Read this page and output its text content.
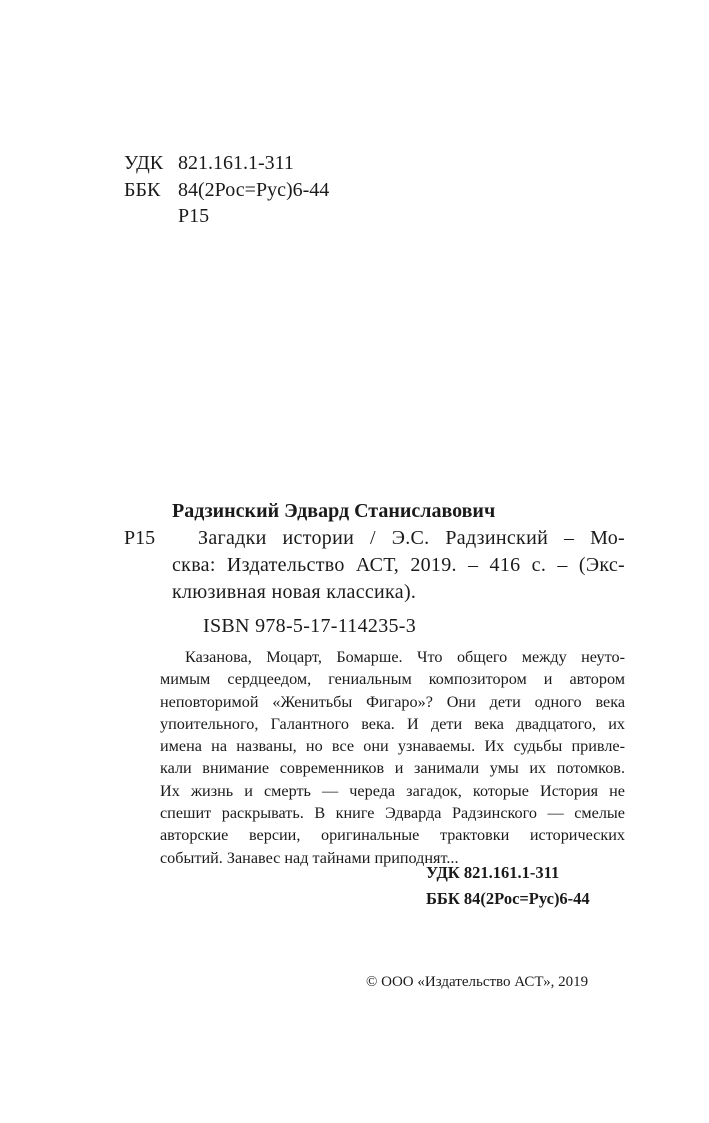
УДК 821.161.1-311
ББК 84(2Рос=Рус)6-44
Р15
Радзинский Эдвард Станиславович
Р15	Загадки истории / Э.С. Радзинский – Мо-
сква: Издательство АСТ, 2019. – 416 с. – (Экс-
клюзивная новая классика).
ISBN 978-5-17-114235-3
Казанова, Моцарт, Бомарше. Что общего между неуто-
мимым сердцеедом, гениальным композитором и автором
неповторимой «Женитьбы Фигаро»? Они дети одного века
упоительного, Галантного века. И дети века двадцатого, их
имена на названы, но все они узнаваемы. Их судьбы привле-
кали внимание современников и занимали умы их потомков.
Их жизнь и смерть — череда загадок, которые История не
спешит раскрывать. В книге Эдварда Радзинского — смелые
авторские версии, оригинальные трактовки исторических
событий. Занавес над тайнами приподнят...
УДК 821.161.1-311
ББК 84(2Рос=Рус)6-44
© ООО «Издательство АСТ», 2019
